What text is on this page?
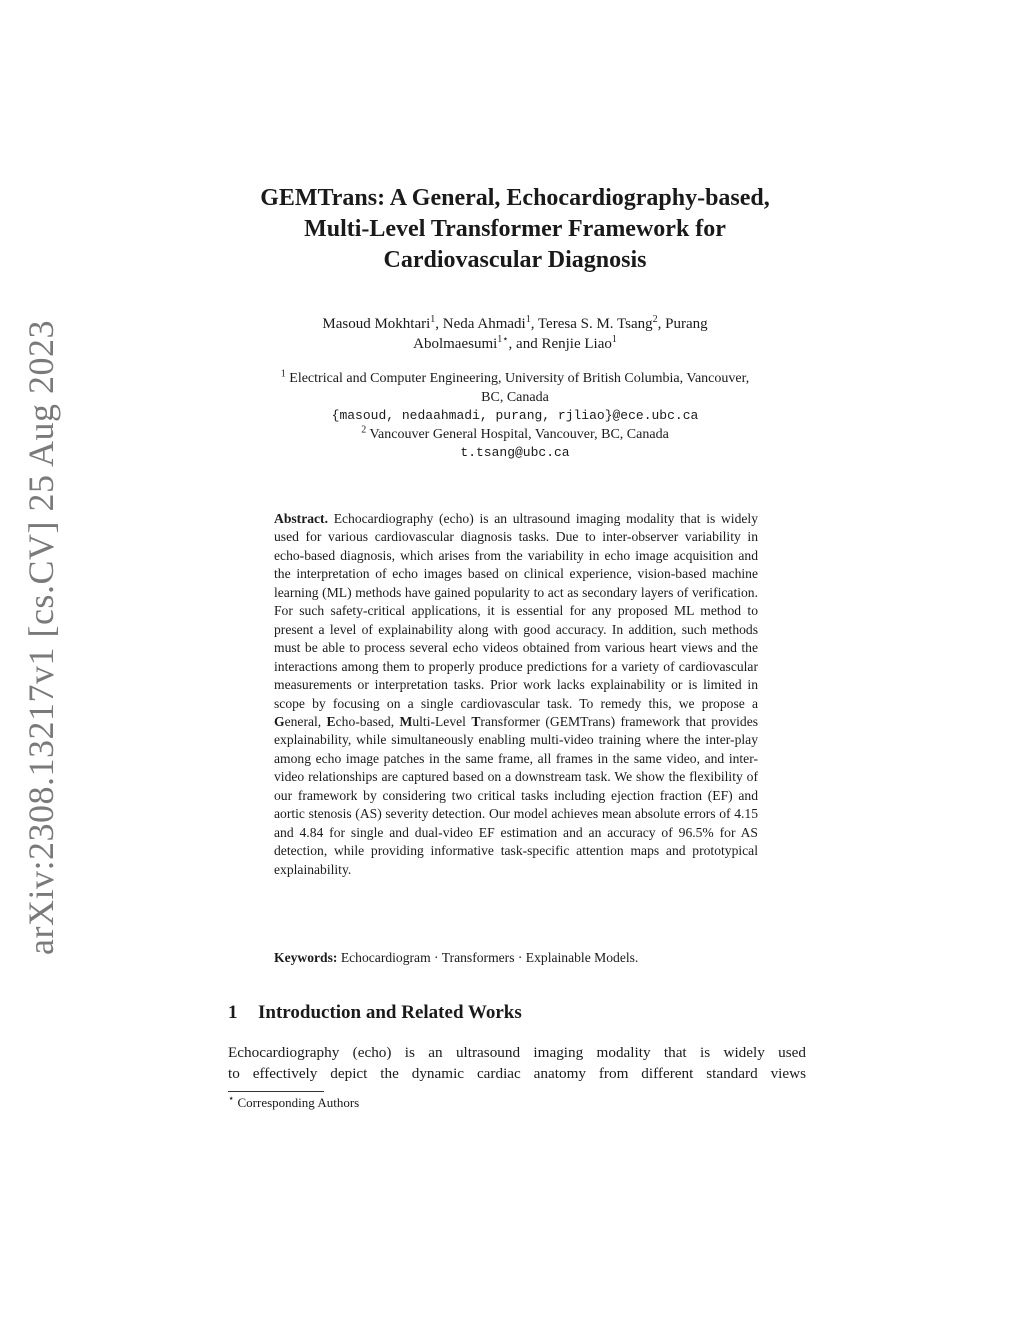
arXiv:2308.13217v1 [cs.CV] 25 Aug 2023
GEMTrans: A General, Echocardiography-based,
Multi-Level Transformer Framework for
Cardiovascular Diagnosis
Masoud Mokhtari$^1$, Neda Ahmadi$^1$, Teresa S. M. Tsang$^2$, Purang
Abolmaesumi$^{1⋆}$, and Renjie Liao$^1$
$^1$ Electrical and Computer Engineering, University of British Columbia, Vancouver,
BC, Canada
{masoud, nedaahmadi, purang, rjliao}@ece.ubc.ca
$^2$ Vancouver General Hospital, Vancouver, BC, Canada
t.tsang@ubc.ca
Abstract. Echocardiography (echo) is an ultrasound imaging modality that is widely used for various cardiovascular diagnosis tasks. Due to inter-observer variability in echo-based diagnosis, which arises from the variability in echo image acquisition and the interpretation of echo images based on clinical experience, vision-based machine learning (ML) methods have gained popularity to act as secondary layers of verification. For such safety-critical applications, it is essential for any proposed ML method to present a level of explainability along with good accuracy. In addition, such methods must be able to process several echo videos obtained from various heart views and the interactions among them to properly produce predictions for a variety of cardiovascular measurements or interpretation tasks. Prior work lacks explainability or is limited in scope by focusing on a single cardiovascular task. To remedy this, we propose a General, Echo-based, Multi-Level Transformer (GEMTrans) framework that provides explainability, while simultaneously enabling multi-video training where the inter-play among echo image patches in the same frame, all frames in the same video, and inter-video relationships are captured based on a downstream task. We show the flexibility of our framework by considering two critical tasks including ejection fraction (EF) and aortic stenosis (AS) severity detection. Our model achieves mean absolute errors of 4.15 and 4.84 for single and dual-video EF estimation and an accuracy of 96.5% for AS detection, while providing informative task-specific attention maps and prototypical explainability.
Keywords: Echocardiogram · Transformers · Explainable Models.
1 Introduction and Related Works
Echocardiography (echo) is an ultrasound imaging modality that is widely used
to effectively depict the dynamic cardiac anatomy from different standard views
⋆ Corresponding Authors
